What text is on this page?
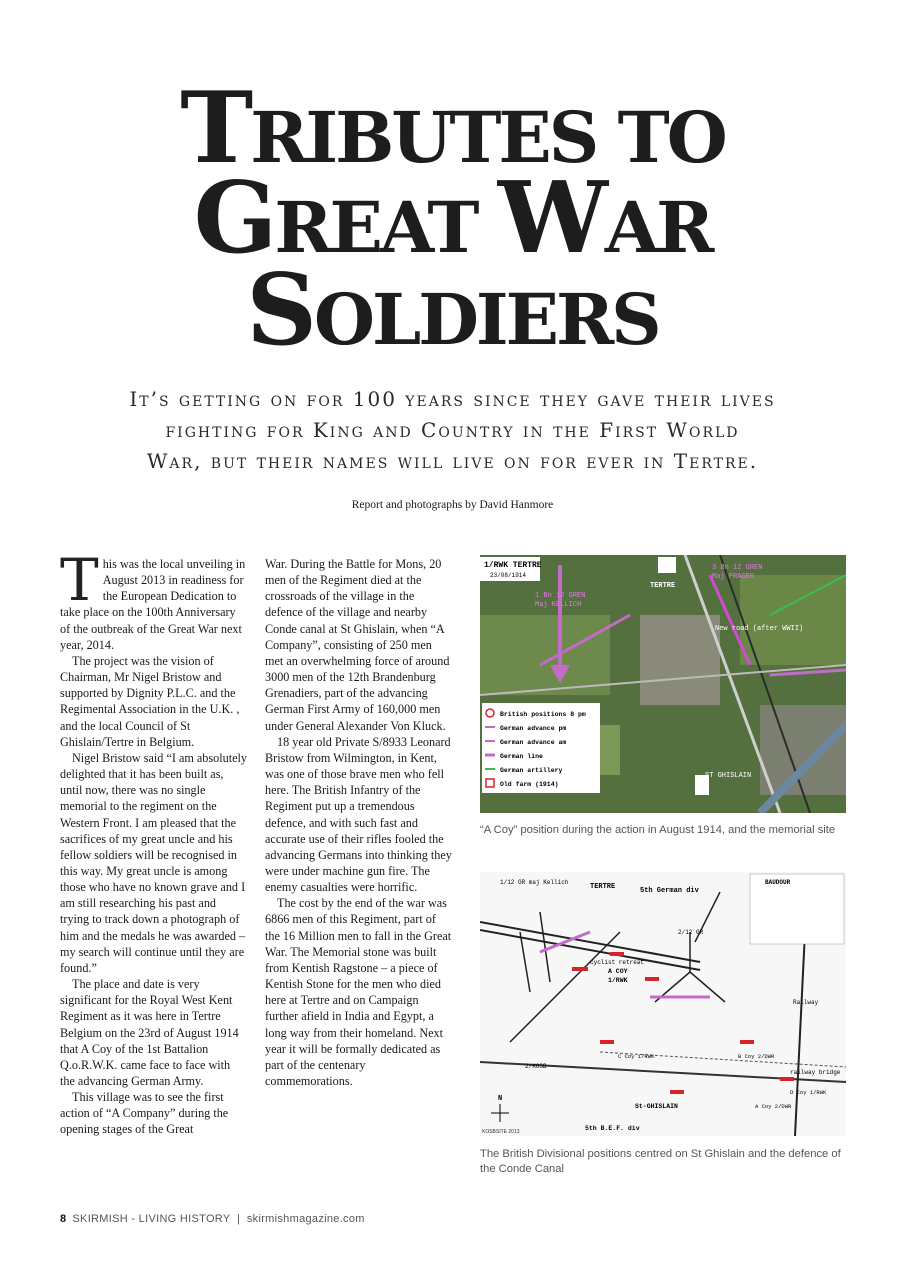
TRIBUTES TO
GREAT WAR
SOLDIERS
It’s getting on for 100 years since they gave their lives
fighting for King and Country in the First World
War, but their names will live on for ever in Tertre.
Report and photographs by David Hanmore
T his was the local unveiling in August 2013 in readiness for the European Dedication to take place on the 100th Anniversary of the outbreak of the Great War next year, 2014.

The project was the vision of Chairman, Mr Nigel Bristow and supported by Dignity P.L.C. and the Regimental Association in the U.K. , and the local Council of St Ghislain/Tertre in Belgium.

Nigel Bristow said “I am absolutely delighted that it has been built as, until now, there was no single memorial to the regiment on the Western Front. I am pleased that the sacrifices of my great uncle and his fellow soldiers will be recognised in this way. My great uncle is among those who have no known grave and I am still researching his past and trying to track down a photograph of him and the medals he was awarded – my search will continue until they are found.”

The place and date is very significant for the Royal West Kent Regiment as it was here in Tertre Belgium on the 23rd of August 1914 that A Coy of the 1st Battalion Q.o.R.W.K. came face to face with the advancing German Army.

This village was to see the first action of “A Company” during the opening stages of the Great

War. During the Battle for Mons, 20 men of the Regiment died at the crossroads of the village in the defence of the village and nearby Conde canal at St Ghislain, when “A Company”, consisting of 250 men met an overwhelming force of around 3000 men of the 12th Brandenburg Grenadiers, part of the advancing German First Army of 160,000 men under General Alexander Von Kluck.

18 year old Private S/8933 Leonard Bristow from Wilmington, in Kent, was one of those brave men who fell here. The British Infantry of the Regiment put up a tremendous defence, and with such fast and accurate use of their rifles fooled the advancing Germans into thinking they were under machine gun fire. The enemy casualties were horrific.

The cost by the end of the war was 6866 men of this Regiment, part of the 16 Million men to fall in the Great War. The Memorial stone was built from Kentish Ragstone – a piece of Kentish Stone for the men who died here at Tertre and on Campaign further afield in India and Egypt, a long way from their homeland. Next year it will be formally dedicated as part of the centenary commemorations.

1/RWK TERTRE
23/08/1914
TERTRE
3 Bn 12 GREN
Maj PRAGER
1 Bn 12 GREN
Maj KELLICH
New road (after WWII)
ST GHISLAIN
British positions 8 pm
German advance pm
German advance am
German line
German artillery
Old farm (1914)
“A Coy” position during the action in August 1914, and the memorial site
1/12 GR maj Kellich
TERTRE	5th German div
BAUDOUR
cyclist retreat
A COY
1/RWK
2/12 GR
Railway
railway bridge
2/KOSB
C Coy 1/RWK	B Coy 2/DWR
D Coy 1/RWK
A Coy 2/DWR
St-GHISLAIN
5th B.E.F. div
N
KOSBSITE 2013
The British Divisional positions centred on St Ghislain and the defence of the Conde Canal
8 SKIRMISH - LIVING HISTORY  |  skirmishmagazine.com
